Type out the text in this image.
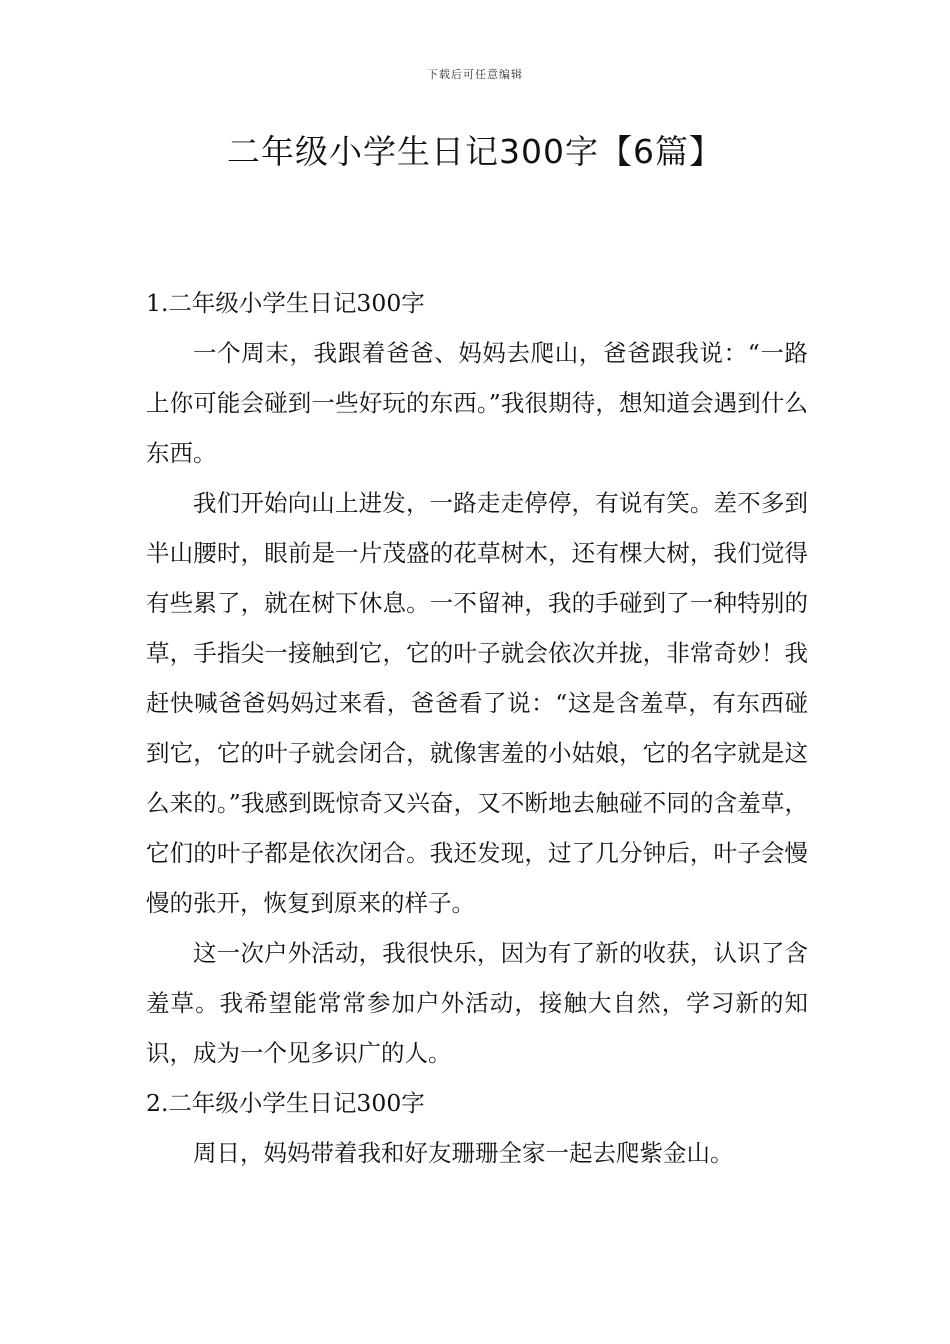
下载后可任意编辑
二年级小学生日记300字【6篇】
1.二年级小学生日记300字

一个周末，我跟着爸爸、妈妈去爬山，爸爸跟我说：“一路上你可能会碰到一些好玩的东西。”我很期待，想知道会遇到什么东西。

我们开始向山上进发，一路走走停停，有说有笑。差不多到半山腰时，眼前是一片茂盛的花草树木，还有棵大树，我们觉得有些累了，就在树下休息。一不留神，我的手碰到了一种特别的草，手指尖一接触到它，它的叶子就会依次并拢，非常奇妙！我赶快喊爸爸妈妈过来看，爸爸看了说：“这是含羞草，有东西碰到它，它的叶子就会闭合，就像害羞的小姑娘，它的名字就是这么来的。”我感到既惊奇又兴奋，又不断地去触碰不同的含羞草，它们的叶子都是依次闭合。我还发现，过了几分钟后，叶子会慢慢的张开，恢复到原来的样子。

这一次户外活动，我很快乐，因为有了新的收获，认识了含羞草。我希望能常常参加户外活动，接触大自然，学习新的知识，成为一个见多识广的人。

2.二年级小学生日记300字

周日，妈妈带着我和好友珊珊全家一起去爬紫金山。
